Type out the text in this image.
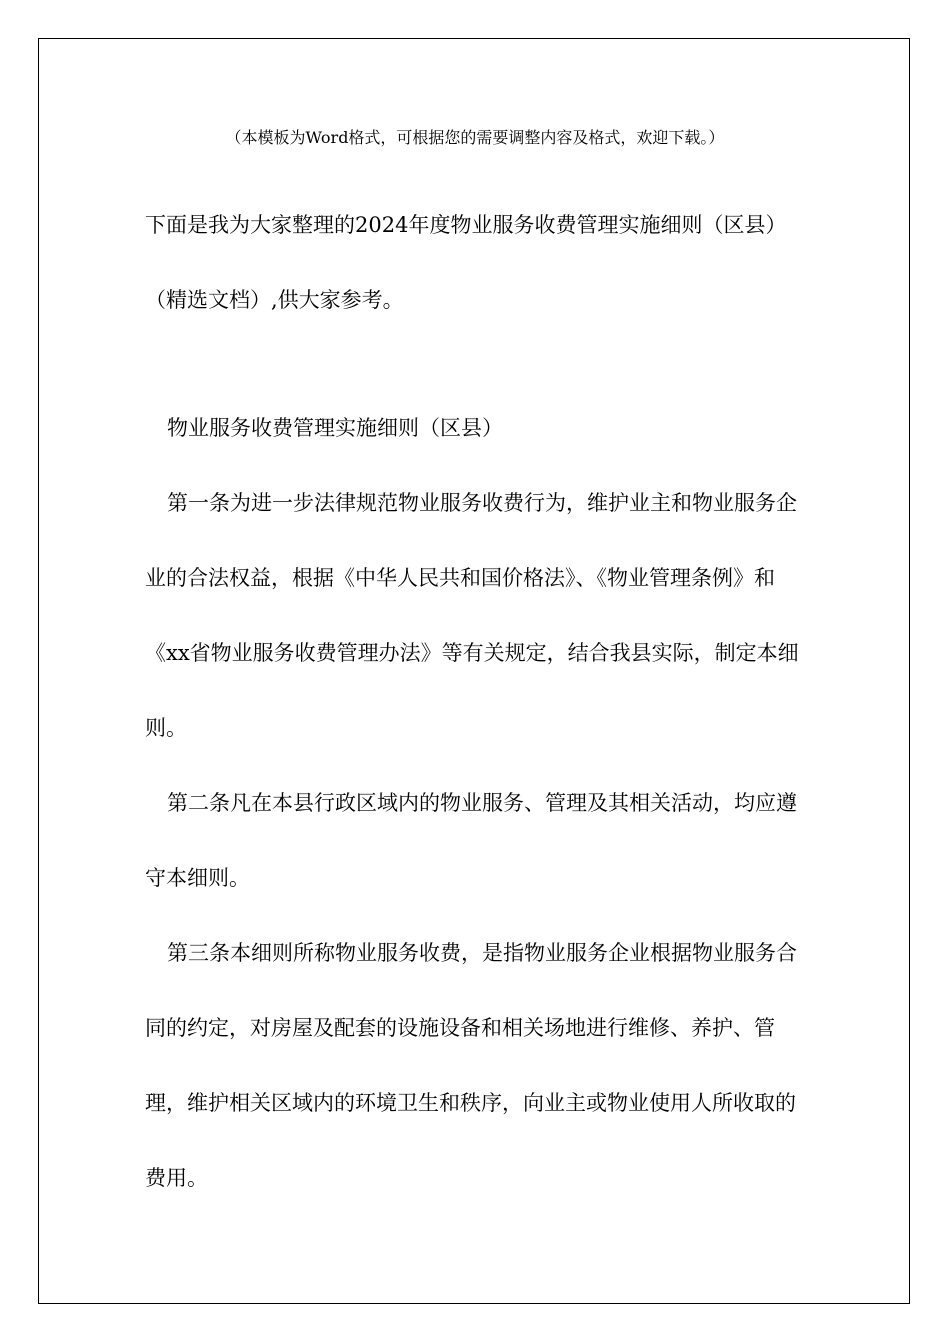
（本模板为Word格式，可根据您的需要调整内容及格式，欢迎下载。）

下面是我为大家整理的2024年度物业服务收费管理实施细则（区县）（精选文档）,供大家参考。

物业服务收费管理实施细则（区县）

第一条为进一步法律规范物业服务收费行为，维护业主和物业服务企业的合法权益，根据《中华人民共和国价格法》、《物业管理条例》和《xx省物业服务收费管理办法》等有关规定，结合我县实际，制定本细则。

第二条凡在本县行政区域内的物业服务、管理及其相关活动，均应遵守本细则。

第三条本细则所称物业服务收费，是指物业服务企业根据物业服务合同的约定，对房屋及配套的设施设备和相关场地进行维修、养护、管理，维护相关区域内的环境卫生和秩序，向业主或物业使用人所收取的费用。
